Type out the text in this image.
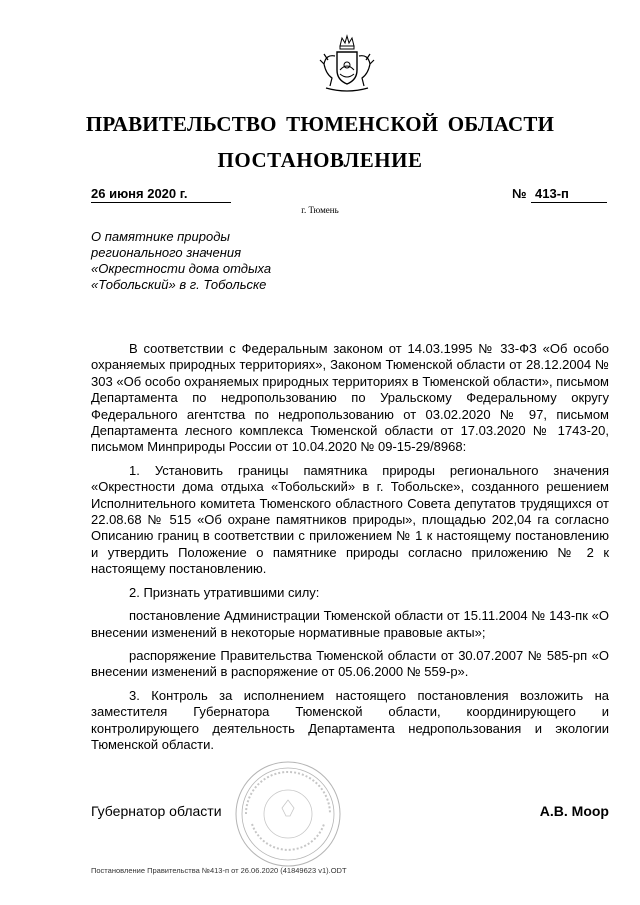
ПРАВИТЕЛЬСТВО ТЮМЕНСКОЙ ОБЛАСТИ
ПОСТАНОВЛЕНИЕ
26 июня 2020 г.	№ 413-п
г. Тюмень
О памятнике природы
регионального значения
«Окрестности дома отдыха
«Тобольский» в г. Тобольске

В соответствии с Федеральным законом от 14.03.1995 № 33-ФЗ «Об особо охраняемых природных территориях», Законом Тюменской области от 28.12.2004 № 303 «Об особо охраняемых природных территориях в Тюменской области», письмом Департамента по недропользованию по Уральскому Федеральному округу Федерального агентства по недропользованию от 03.02.2020 № 97, письмом Департамента лесного комплекса Тюменской области от 17.03.2020 № 1743-20, письмом Минприроды России от 10.04.2020 № 09-15-29/8968:

1. Установить границы памятника природы регионального значения «Окрестности дома отдыха «Тобольский» в г. Тобольске», созданного решением Исполнительного комитета Тюменского областного Совета депутатов трудящихся от 22.08.68 № 515 «Об охране памятников природы», площадью 202,04 га согласно Описанию границ в соответствии с приложением № 1 к настоящему постановлению и утвердить Положение о памятнике природы согласно приложению № 2 к настоящему постановлению.

2. Признать утратившими силу:

постановление Администрации Тюменской области от 15.11.2004 № 143-пк «О внесении изменений в некоторые нормативные правовые акты»;

распоряжение Правительства Тюменской области от 30.07.2007 № 585-рп «О внесении изменений в распоряжение от 05.06.2000 № 559-р».

3. Контроль за исполнением настоящего постановления возложить на заместителя Губернатора Тюменской области, координирующего и контролирующего деятельность Департамента недропользования и экологии Тюменской области.

Губернатор области	А.В. Моор
Постановление Правительства №413-п от 26.06.2020 (41849623 v1).ODT
